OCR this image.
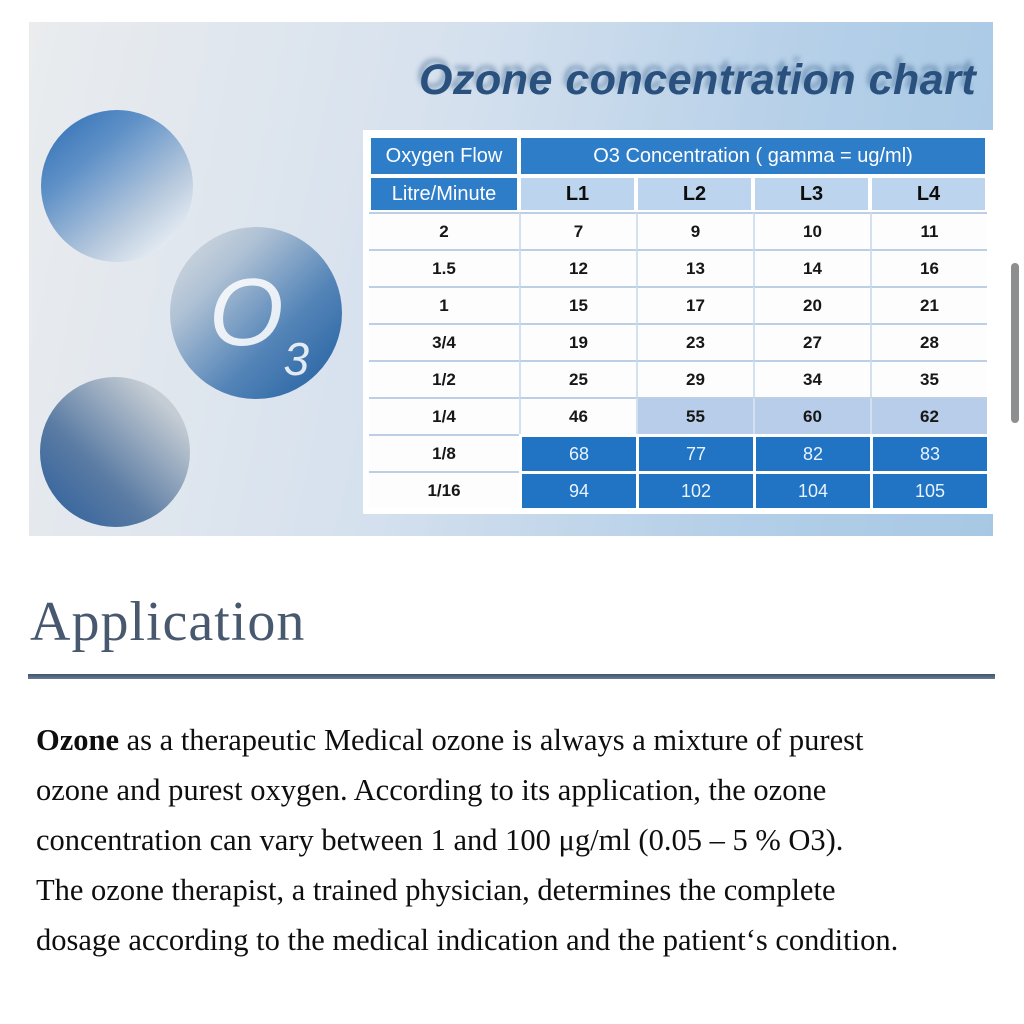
O3
Ozone concentration chart
Oxygen Flow	O3 Concentration ( gamma = ug/ml)			
Litre/Minute	L1	L2	L3	L4
2	7	9	10	11
1.5	12	13	14	16
1	15	17	20	21
3/4	19	23	27	28
1/2	25	29	34	35
1/4	46	55	60	62
1/8	68	77	82	83
1/16	94	102	104	105
Application
Ozone as a therapeutic Medical ozone is always a mixture of purest
ozone and purest oxygen. According to its application, the ozone
concentration can vary between 1 and 100 μg/ml (0.05 – 5 % O3).
The ozone therapist, a trained physician, determines the complete
dosage according to the medical indication and the patient‘s condition.
